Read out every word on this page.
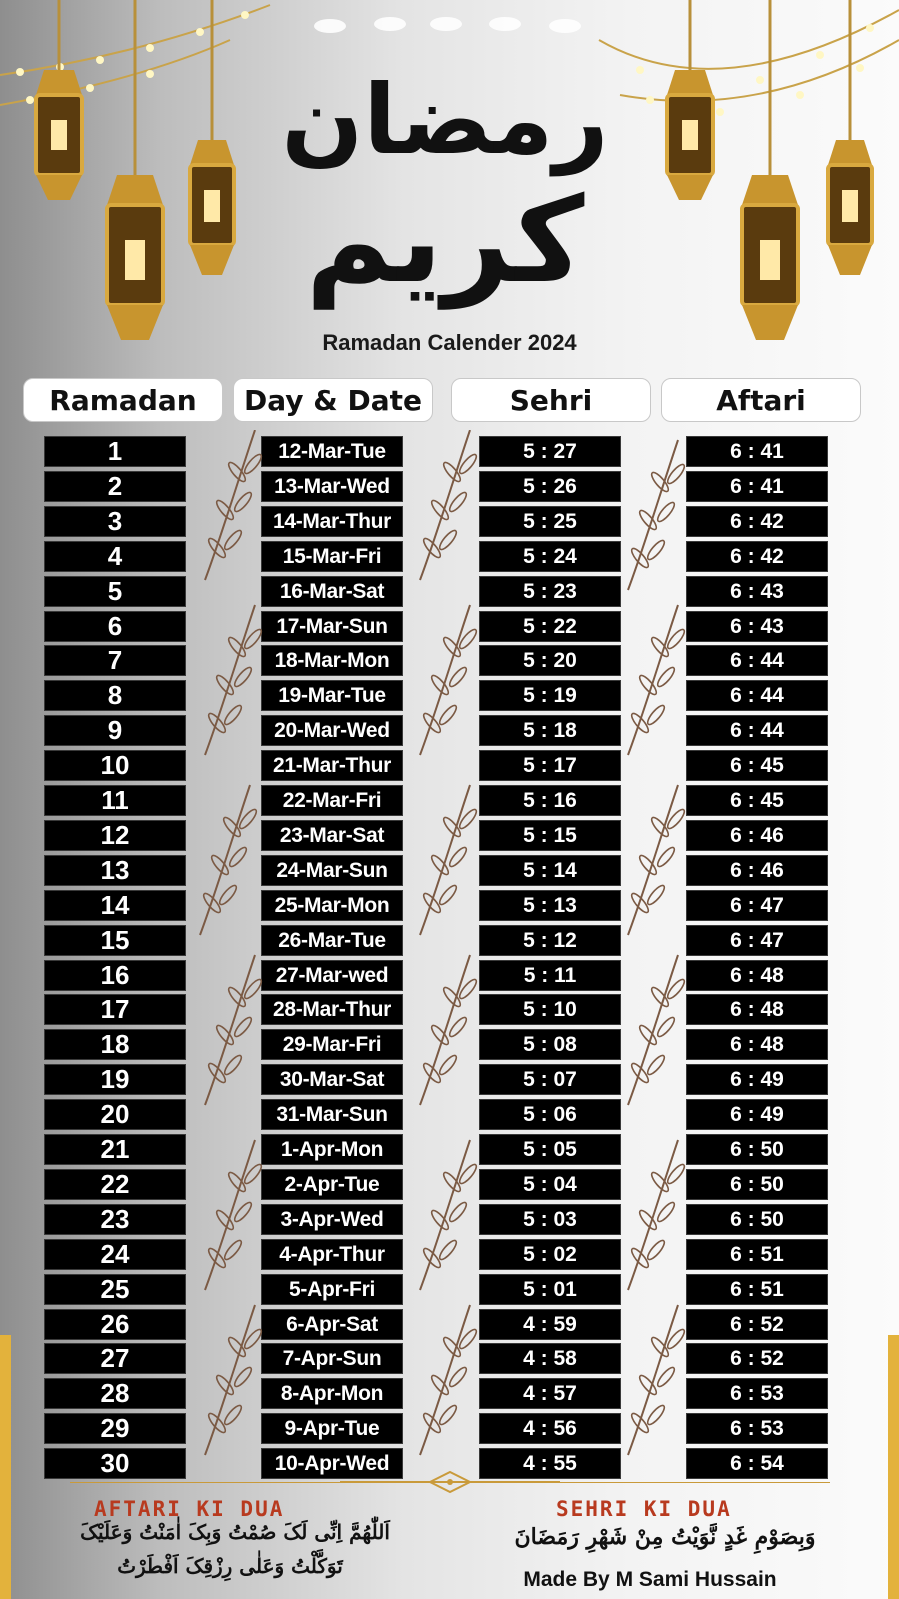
رمضان
كريم
Ramadan Calender 2024
Ramadan	Day & Date	Sehri	Aftari
1	12-Mar-Tue	5 : 27	6 : 41
2	13-Mar-Wed	5 : 26	6 : 41
3	14-Mar-Thur	5 : 25	6 : 42
4	15-Mar-Fri	5 : 24	6 : 42
5	16-Mar-Sat	5 : 23	6 : 43
6	17-Mar-Sun	5 : 22	6 : 43
7	18-Mar-Mon	5 : 20	6 : 44
8	19-Mar-Tue	5 : 19	6 : 44
9	20-Mar-Wed	5 : 18	6 : 44
10	21-Mar-Thur	5 : 17	6 : 45
11	22-Mar-Fri	5 : 16	6 : 45
12	23-Mar-Sat	5 : 15	6 : 46
13	24-Mar-Sun	5 : 14	6 : 46
14	25-Mar-Mon	5 : 13	6 : 47
15	26-Mar-Tue	5 : 12	6 : 47
16	27-Mar-wed	5 : 11	6 : 48
17	28-Mar-Thur	5 : 10	6 : 48
18	29-Mar-Fri	5 : 08	6 : 48
19	30-Mar-Sat	5 : 07	6 : 49
20	31-Mar-Sun	5 : 06	6 : 49
21	1-Apr-Mon	5 : 05	6 : 50
22	2-Apr-Tue	5 : 04	6 : 50
23	3-Apr-Wed	5 : 03	6 : 50
24	4-Apr-Thur	5 : 02	6 : 51
25	5-Apr-Fri	5 : 01	6 : 51
26	6-Apr-Sat	4 : 59	6 : 52
27	7-Apr-Sun	4 : 58	6 : 52
28	8-Apr-Mon	4 : 57	6 : 53
29	9-Apr-Tue	4 : 56	6 : 53
30	10-Apr-Wed	4 : 55	6 : 54
AFTARI KI DUA	SEHRI KI DUA
اَللّٰهُمَّ اِنِّی لَکَ صُمْتُ وَبِکَ اٰمَنْتُ وَعَلَيْکَ
تَوَکَّلْتُ وَعَلٰی رِزْقِکَ اَفْطَرْتُ
وَبِصَوْمِ غَدٍ نَّوَيْتُ مِنْ شَهْرِ رَمَضَانَ
Made By M Sami Hussain
